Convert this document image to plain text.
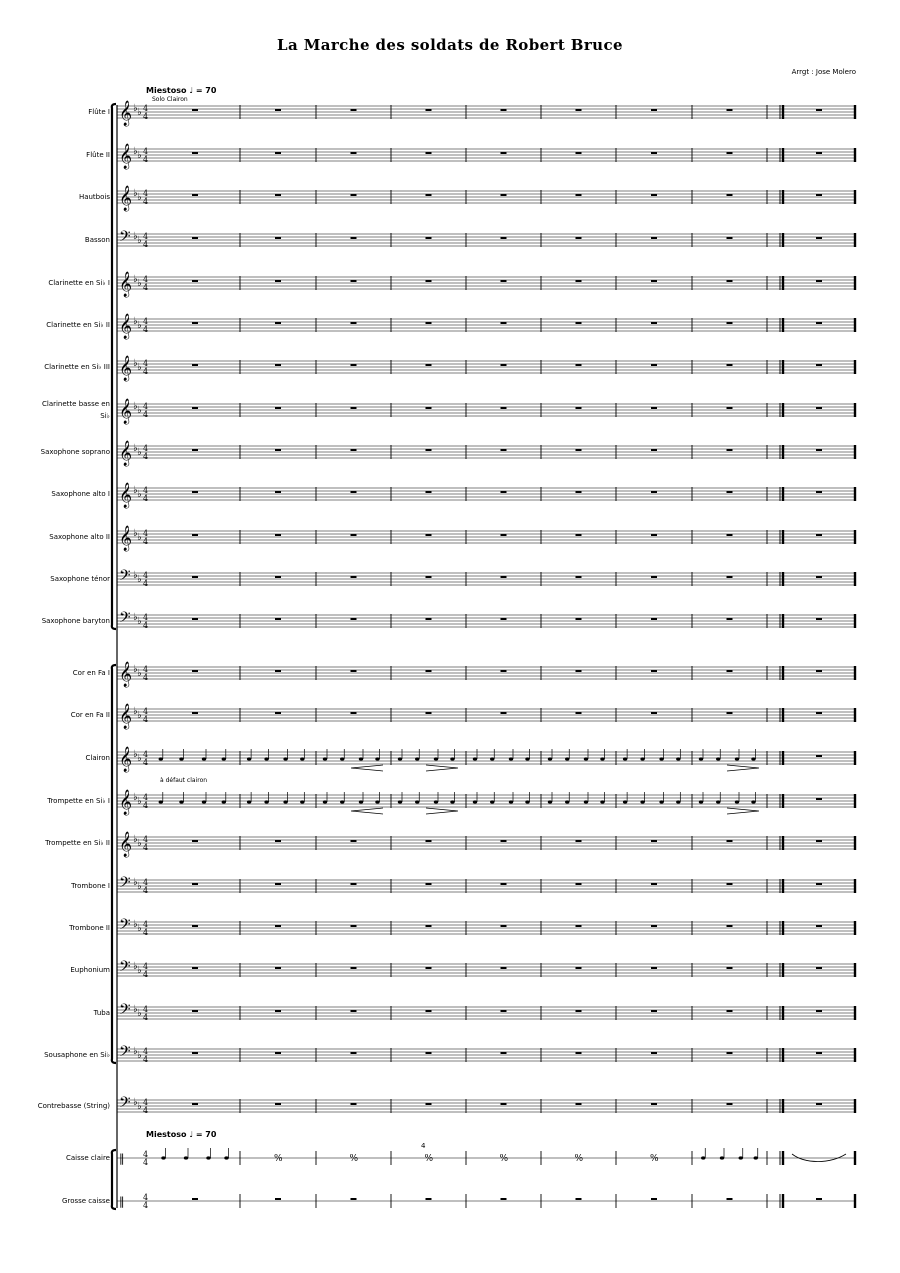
La Marche des soldats de Robert Bruce
Arrgt : Jose Molero
Miestoso ♩ = 70
Solo Clairon
à défaut clairon
Miestoso ♩ = 70
4
Flûte I
Flûte II
Hautbois
Basson
Clarinette en Si♭ I
Clarinette en Si♭ II
Clarinette en Si♭ III
Clarinette basse en Si♭
Saxophone soprano
Saxophone alto I
Saxophone alto II
Saxophone ténor
Saxophone baryton
Cor en Fa I
Cor en Fa II
Clairon
Trompette en Si♭ I
Trompette en Si♭ II
Trombone I
Trombone II
Euphonium
Tuba
Sousaphone en Si♭
Contrebasse (String)
Caisse claire
Grosse caisse
𝄞 ♭ ♭ 4
4
𝄞 ♭ ♭ 4
4
𝄞 ♭ ♭ 4
4
𝄢 ♭ ♭ 4
4
𝄞 ♭ ♭ 4
4
𝄞 ♭ ♭ 4
4
𝄞 ♭ ♭ 4
4
𝄞 ♭ ♭ 4
4
𝄞 ♭ ♭ 4
4
𝄞 ♭ ♭ 4
4
𝄞 ♭ ♭ 4
4
𝄢 ♭ ♭ 4
4
𝄢 ♭ ♭ 4
4
𝄞 ♭ ♭ 4
4
𝄞 ♭ ♭ 4
4
𝄞 ♭ ♭ 4
4
𝄞 ♭ ♭ 4
4
𝄞 ♭ ♭ 4
4
𝄢 ♭ ♭ 4
4
𝄢 ♭ ♭ 4
4
𝄢 ♭ ♭ 4
4
𝄢 ♭ ♭ 4
4
𝄢 ♭ ♭ 4
4
𝄢 ♭ ♭ 4
4
‖ 4
4	%	%	%	%	%	%
‖ 4
4
